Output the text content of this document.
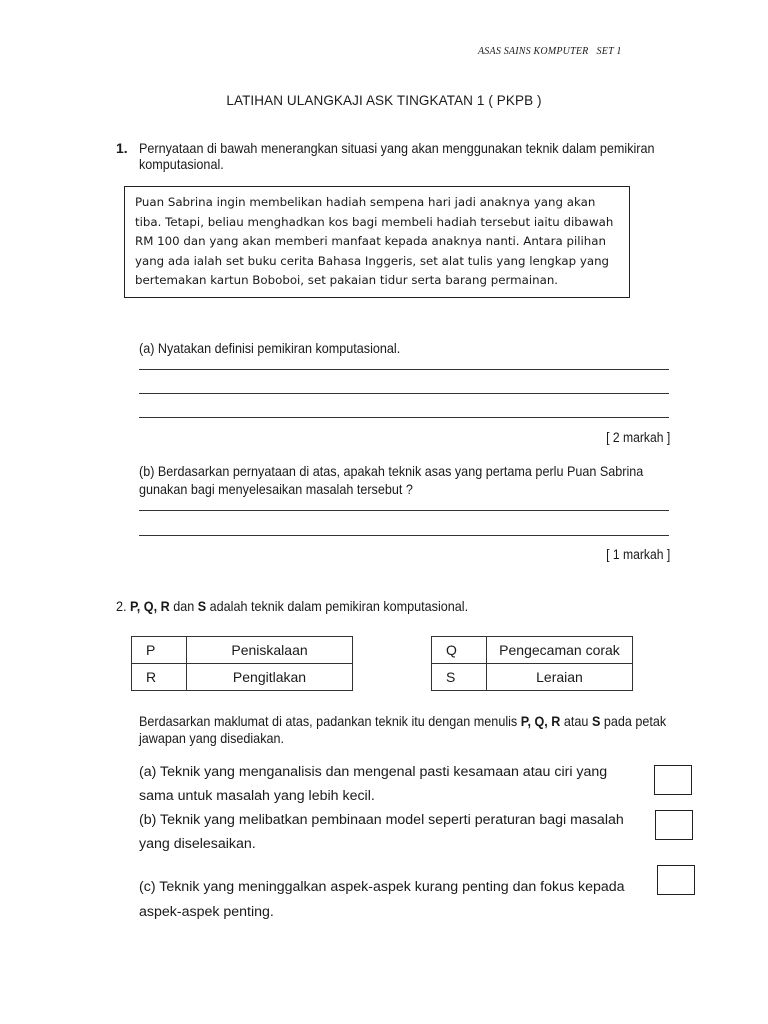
ASAS SAINS KOMPUTER   SET 1
LATIHAN ULANGKAJI ASK TINGKATAN 1 ( PKPB )
1. Pernyataan di bawah menerangkan situasi yang akan menggunakan teknik dalam pemikiran
komputasional.
Puan Sabrina ingin membelikan hadiah sempena hari jadi anaknya yang akan
tiba. Tetapi, beliau menghadkan kos bagi membeli hadiah tersebut iaitu dibawah
RM 100 dan yang akan memberi manfaat kepada anaknya nanti. Antara pilihan
yang ada ialah set buku cerita Bahasa Inggeris, set alat tulis yang lengkap yang
bertemakan kartun Boboboi, set pakaian tidur serta barang permainan.
(a) Nyatakan definisi pemikiran komputasional.
[ 2 markah ]
(b) Berdasarkan pernyataan di atas, apakah teknik asas yang pertama perlu Puan Sabrina
gunakan bagi menyelesaikan masalah tersebut ?
[ 1 markah ]
2. P, Q, R dan S adalah teknik dalam pemikiran komputasional.
P	Peniskalaan
R	Pengitlakan
Q	Pengecaman corak
S	Leraian
Berdasarkan maklumat di atas, padankan teknik itu dengan menulis P, Q, R atau S pada petak
jawapan yang disediakan.
(a) Teknik yang menganalisis dan mengenal pasti kesamaan atau ciri yang
sama untuk masalah yang lebih kecil.
(b) Teknik yang melibatkan pembinaan model seperti peraturan bagi masalah
yang diselesaikan.
(c) Teknik yang meninggalkan aspek-aspek kurang penting dan fokus kepada
aspek-aspek penting.
